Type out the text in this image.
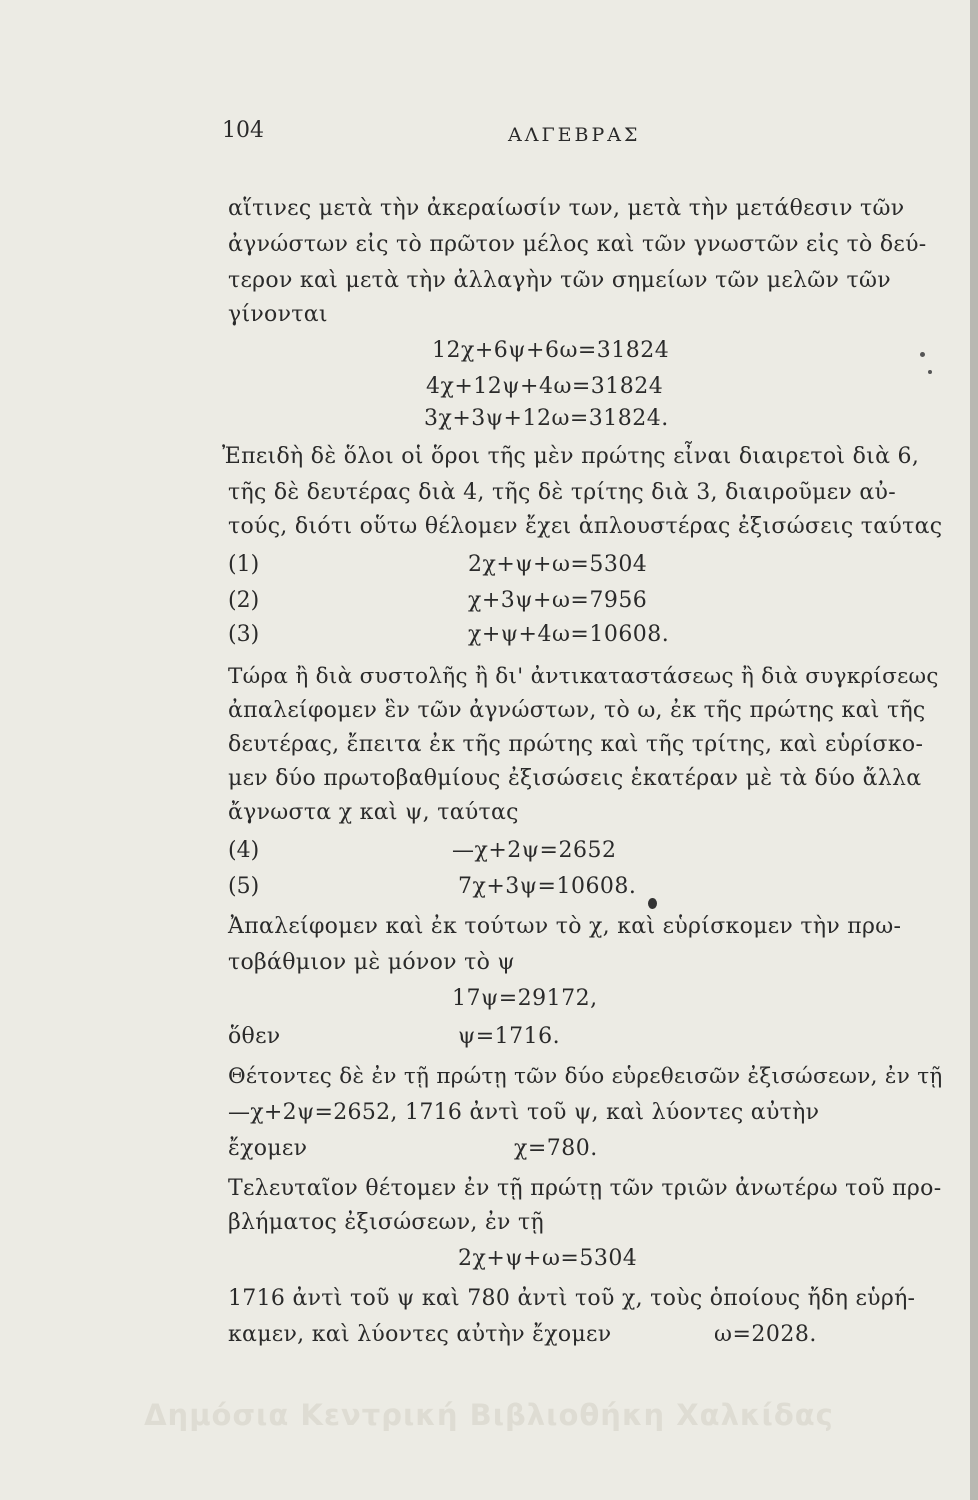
104	ΑΛΓΕΒΡΑΣ
αἵτινες μετὰ τὴν ἀκεραίωσίν των, μετὰ τὴν μετάθεσιν τῶν
ἀγνώστων εἰς τὸ πρῶτον μέλος καὶ τῶν γνωστῶν εἰς τὸ δεύ-
τερον καὶ μετὰ τὴν ἀλλαγὴν τῶν σημείων τῶν μελῶν τῶν
γίνονται
12χ+6ψ+6ω=31824
4χ+12ψ+4ω=31824
3χ+3ψ+12ω=31824.
Ἐπειδὴ δὲ ὅλοι οἱ ὅροι τῆς μὲν πρώτης εἶναι διαιρετοὶ διὰ 6,
τῆς δὲ δευτέρας διὰ 4, τῆς δὲ τρίτης διὰ 3, διαιροῦμεν αὐ-
τούς, διότι οὕτω θέλομεν ἔχει ἁπλουστέρας ἐξισώσεις ταύτας
(1)	2χ+ψ+ω=5304
(2)	χ+3ψ+ω=7956
(3)	χ+ψ+4ω=10608.
Τώρα ἢ διὰ συστολῆς ἢ δι' ἀντικαταστάσεως ἢ διὰ συγκρίσεως
ἀπαλείφομεν ἓν τῶν ἀγνώστων, τὸ ω, ἐκ τῆς πρώτης καὶ τῆς
δευτέρας, ἔπειτα ἐκ τῆς πρώτης καὶ τῆς τρίτης, καὶ εὑρίσκο-
μεν δύο πρωτοβαθμίους ἐξισώσεις ἑκατέραν μὲ τὰ δύο ἄλλα
ἄγνωστα χ καὶ ψ, ταύτας
(4)	—χ+2ψ=2652
(5)	7χ+3ψ=10608.
Ἀπαλείφομεν καὶ ἐκ τούτων τὸ χ, καὶ εὑρίσκομεν τὴν πρω-
τοβάθμιον μὲ μόνον τὸ ψ
17ψ=29172,
ὅθεν	ψ=1716.
Θέτοντες δὲ ἐν τῇ πρώτῃ τῶν δύο εὑρεθεισῶν ἐξισώσεων, ἐν τῇ
—χ+2ψ=2652, 1716 ἀντὶ τοῦ ψ, καὶ λύοντες αὐτὴν
ἔχομεν	χ=780.
Τελευταῖον θέτομεν ἐν τῇ πρώτῃ τῶν τριῶν ἀνωτέρω τοῦ προ-
βλήματος ἐξισώσεων, ἐν τῇ
2χ+ψ+ω=5304
1716 ἀντὶ τοῦ ψ καὶ 780 ἀντὶ τοῦ χ, τοὺς ὁποίους ἤδη εὑρή-
καμεν, καὶ λύοντες αὐτὴν ἔχομεν	ω=2028.
Δημόσια Κεντρική Βιβλιοθήκη Χαλκίδας
